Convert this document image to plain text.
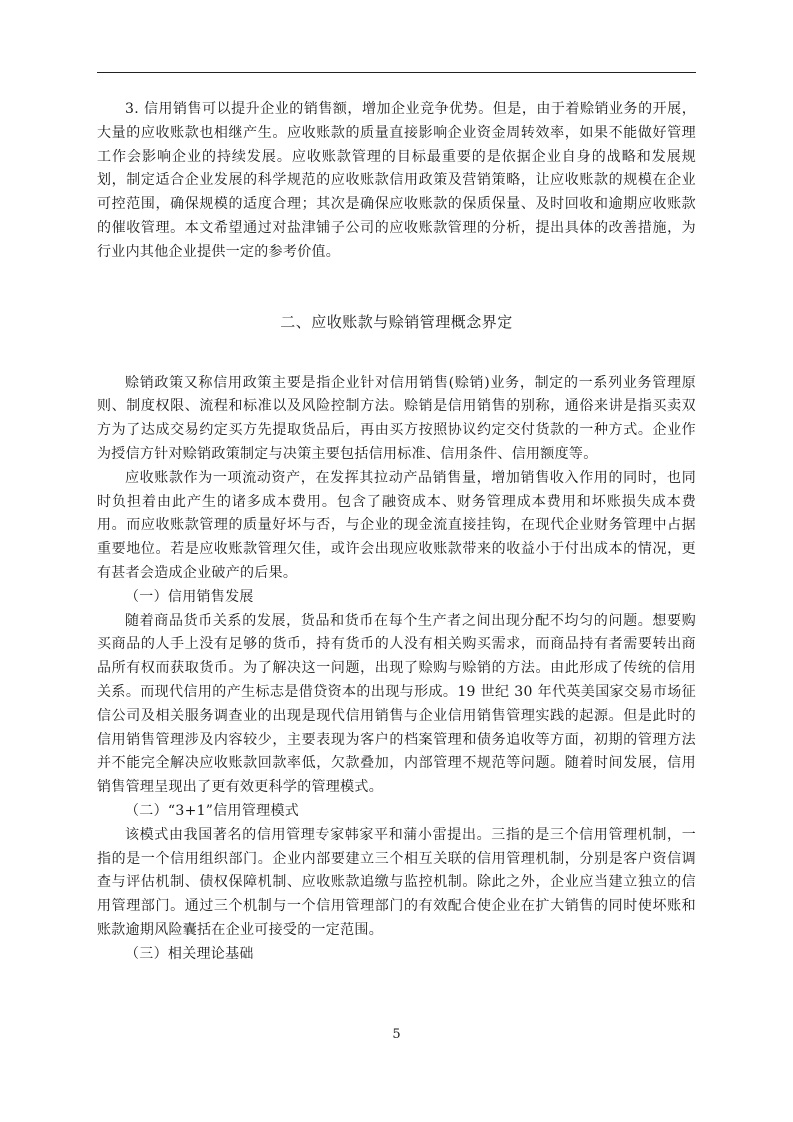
3. 信用销售可以提升企业的销售额，增加企业竞争优势。但是，由于着赊销业务的开展，大量的应收账款也相继产生。应收账款的质量直接影响企业资金周转效率，如果不能做好管理工作会影响企业的持续发展。应收账款管理的目标最重要的是依据企业自身的战略和发展规划，制定适合企业发展的科学规范的应收账款信用政策及营销策略，让应收账款的规模在企业可控范围，确保规模的适度合理；其次是确保应收账款的保质保量、及时回收和逾期应收账款的催收管理。本文希望通过对盐津铺子公司的应收账款管理的分析，提出具体的改善措施，为行业内其他企业提供一定的参考价值。

二、应收账款与赊销管理概念界定

赊销政策又称信用政策主要是指企业针对信用销售(赊销)业务，制定的一系列业务管理原则、制度权限、流程和标准以及风险控制方法。赊销是信用销售的别称，通俗来讲是指买卖双方为了达成交易约定买方先提取货品后，再由买方按照协议约定交付货款的一种方式。企业作为授信方针对赊销政策制定与决策主要包括信用标准、信用条件、信用额度等。

应收账款作为一项流动资产，在发挥其拉动产品销售量，增加销售收入作用的同时，也同时负担着由此产生的诸多成本费用。包含了融资成本、财务管理成本费用和坏账损失成本费用。而应收账款管理的质量好坏与否，与企业的现金流直接挂钩，在现代企业财务管理中占据重要地位。若是应收账款管理欠佳，或许会出现应收账款带来的收益小于付出成本的情况，更有甚者会造成企业破产的后果。

（一）信用销售发展

随着商品货币关系的发展，货品和货币在每个生产者之间出现分配不均匀的问题。想要购买商品的人手上没有足够的货币，持有货币的人没有相关购买需求，而商品持有者需要转出商品所有权而获取货币。为了解决这一问题，出现了赊购与赊销的方法。由此形成了传统的信用关系。而现代信用的产生标志是借贷资本的出现与形成。19 世纪 30 年代英美国家交易市场征信公司及相关服务调查业的出现是现代信用销售与企业信用销售管理实践的起源。但是此时的信用销售管理涉及内容较少，主要表现为客户的档案管理和债务追收等方面，初期的管理方法并不能完全解决应收账款回款率低，欠款叠加，内部管理不规范等问题。随着时间发展，信用销售管理呈现出了更有效更科学的管理模式。

（二）“3+1”信用管理模式

该模式由我国著名的信用管理专家韩家平和蒲小雷提出。三指的是三个信用管理机制，一指的是一个信用组织部门。企业内部要建立三个相互关联的信用管理机制，分别是客户资信调查与评估机制、债权保障机制、应收账款追缴与监控机制。除此之外，企业应当建立独立的信用管理部门。通过三个机制与一个信用管理部门的有效配合使企业在扩大销售的同时使坏账和账款逾期风险囊括在企业可接受的一定范围。

（三）相关理论基础

5
